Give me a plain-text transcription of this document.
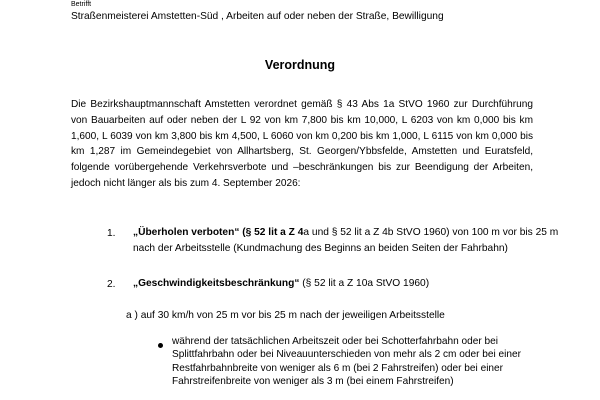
Betrifft
Straßenmeisterei Amstetten-Süd , Arbeiten auf oder neben der Straße, Bewilligung
Verordnung
Die Bezirkshauptmannschaft Amstetten verordnet gemäß § 43 Abs 1a StVO 1960 zur Durchführung von Bauarbeiten auf oder neben der L 92 von km 7,800 bis km 10,000, L 6203 von km 0,000 bis km 1,600, L 6039 von km 3,800 bis km 4,500, L 6060 von km 0,200 bis km 1,000, L 6115 von km 0,000 bis km 1,287 im Gemeindegebiet von Allhartsberg, St. Georgen/Ybbsfelde, Amstetten und Euratsfeld, folgende vorübergehende Verkehrsverbote und –beschränkungen bis zur Beendigung der Arbeiten, jedoch nicht länger als bis zum 4. September 2026:
1. „Überholen verboten“ (§ 52 lit a Z 4a und § 52 lit a Z 4b StVO 1960) von 100 m vor bis 25 m nach der Arbeitsstelle (Kundmachung des Beginns an beiden Seiten der Fahrbahn)
2. „Geschwindigkeitsbeschränkung“ (§ 52 lit a Z 10a StVO 1960)
a ) auf 30 km/h von 25 m vor bis 25 m nach der jeweiligen Arbeitsstelle
während der tatsächlichen Arbeitszeit oder bei Schotterfahrbahn oder bei Splittfahrbahn oder bei Niveauunterschieden von mehr als 2 cm oder bei einer Restfahrbahnbreite von weniger als 6 m (bei 2 Fahrstreifen) oder bei einer Fahrstreifenbreite von weniger als 3 m (bei einem Fahrstreifen)
